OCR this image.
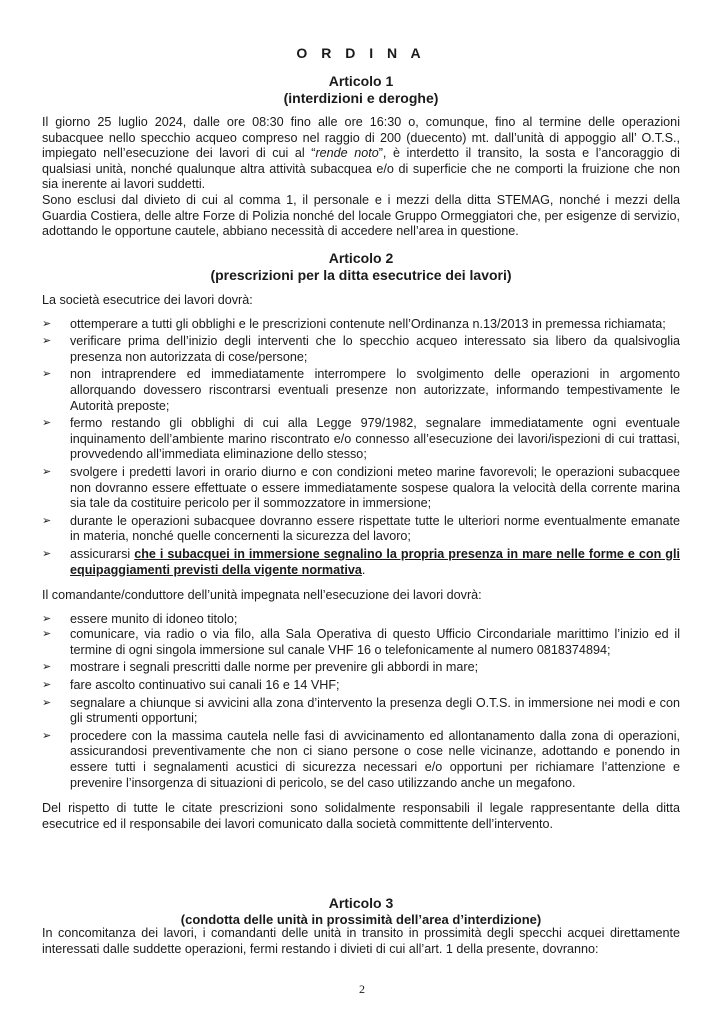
O R D I N A
Articolo 1
(interdizioni e deroghe)

Il giorno 25 luglio 2024, dalle ore 08:30 fino alle ore 16:30 o, comunque, fino al termine delle operazioni subacquee nello specchio acqueo compreso nel raggio di 200 (duecento) mt. dall’unità di appoggio all’ O.T.S., impiegato nell’esecuzione dei lavori di cui al “rende noto”, è interdetto il transito, la sosta e l’ancoraggio di qualsiasi unità, nonché qualunque altra attività subacquea e/o di superficie che ne comporti la fruizione che non sia inerente ai lavori suddetti.

Sono esclusi dal divieto di cui al comma 1, il personale e i mezzi della ditta STEMAG, nonché i mezzi della Guardia Costiera, delle altre Forze di Polizia nonché del locale Gruppo Ormeggiatori che, per esigenze di servizio, adottando le opportune cautele, abbiano necessità di accedere nell’area in questione.

Articolo 2
(prescrizioni per la ditta esecutrice dei lavori)

La società esecutrice dei lavori dovrà:

➢ ottemperare a tutti gli obblighi e le prescrizioni contenute nell’Ordinanza n.13/2013 in premessa richiamata;
➢ verificare prima dell’inizio degli interventi che lo specchio acqueo interessato sia libero da qualsivoglia presenza non autorizzata di cose/persone;
➢ non intraprendere ed immediatamente interrompere lo svolgimento delle operazioni in argomento allorquando dovessero riscontrarsi eventuali presenze non autorizzate, informando tempestivamente le Autorità preposte;
➢ fermo restando gli obblighi di cui alla Legge 979/1982, segnalare immediatamente ogni eventuale inquinamento dell’ambiente marino riscontrato e/o connesso all’esecuzione dei lavori/ispezioni di cui trattasi, provvedendo all’immediata eliminazione dello stesso;
➢ svolgere i predetti lavori in orario diurno e con condizioni meteo marine favorevoli; le operazioni subacquee non dovranno essere effettuate o essere immediatamente sospese qualora la velocità della corrente marina sia tale da costituire pericolo per il sommozzatore in immersione;
➢ durante le operazioni subacquee dovranno essere rispettate tutte le ulteriori norme eventualmente emanate in materia, nonché quelle concernenti la sicurezza del lavoro;
➢ assicurarsi che i subacquei in immersione segnalino la propria presenza in mare nelle forme e con gli equipaggiamenti previsti della vigente normativa.

Il comandante/conduttore dell’unità impegnata nell’esecuzione dei lavori dovrà:

➢ essere munito di idoneo titolo;
➢ comunicare, via radio o via filo, alla Sala Operativa di questo Ufficio Circondariale marittimo l’inizio ed il termine di ogni singola immersione sul canale VHF 16 o telefonicamente al numero 0818374894;
➢ mostrare i segnali prescritti dalle norme per prevenire gli abbordi in mare;
➢ fare ascolto continuativo sui canali 16 e 14 VHF;
➢ segnalare a chiunque si avvicini alla zona d’intervento la presenza degli O.T.S. in immersione nei modi e con gli strumenti opportuni;
➢ procedere con la massima cautela nelle fasi di avvicinamento ed allontanamento dalla zona di operazioni, assicurandosi preventivamente che non ci siano persone o cose nelle vicinanze, adottando e ponendo in essere tutti i segnalamenti acustici di sicurezza necessari e/o opportuni per richiamare l’attenzione e prevenire l’insorgenza di situazioni di pericolo, se del caso utilizzando anche un megafono.

Del rispetto di tutte le citate prescrizioni sono solidalmente responsabili il legale rappresentante della ditta esecutrice ed il responsabile dei lavori comunicato dalla società committente dell’intervento.

Articolo 3
(condotta delle unità in prossimità dell’area d’interdizione)

In concomitanza dei lavori, i comandanti delle unità in transito in prossimità degli specchi acquei direttamente interessati dalle suddette operazioni, fermi restando i divieti di cui all’art. 1 della presente, dovranno:

2
